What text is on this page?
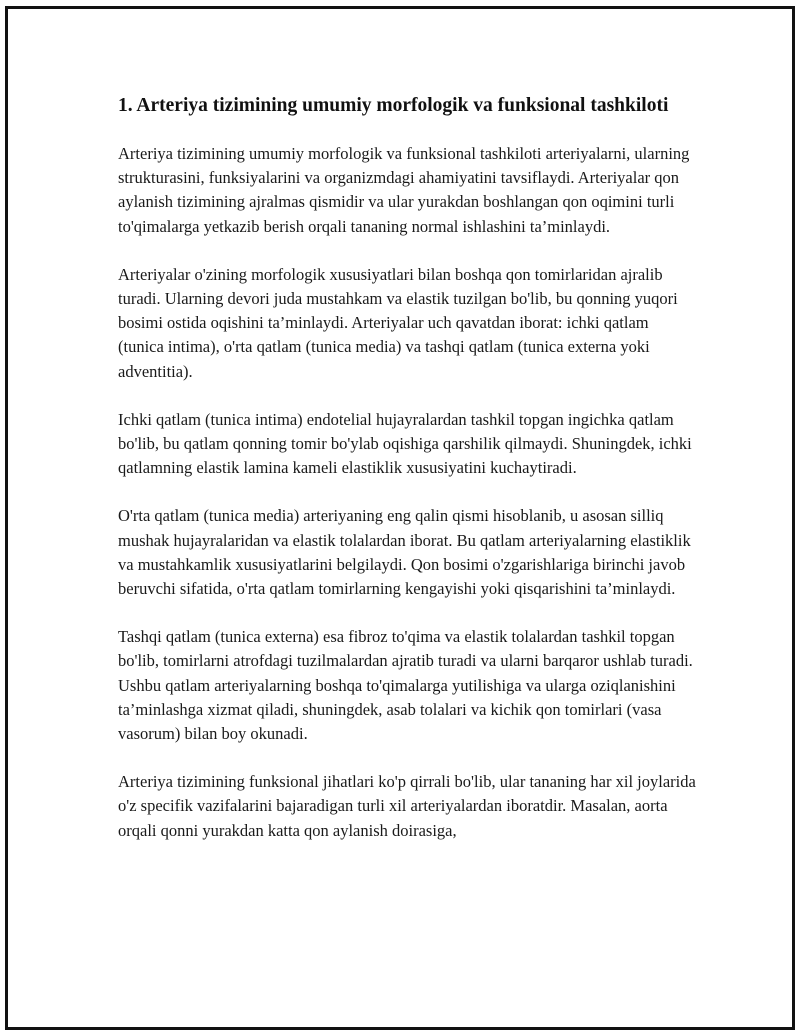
1. Arteriya tizimining umumiy morfologik va funksional tashkiloti

Arteriya tizimining umumiy morfologik va funksional tashkiloti arteriyalarni, ularning strukturasini, funksiyalarini va organizmdagi ahamiyatini tavsiflaydi. Arteriyalar qon aylanish tizimining ajralmas qismidir va ular yurakdan boshlangan qon oqimini turli to'qimalarga yetkazib berish orqali tananing normal ishlashini ta’minlaydi.

Arteriyalar o'zining morfologik xususiyatlari bilan boshqa qon tomirlaridan ajralib turadi. Ularning devori juda mustahkam va elastik tuzilgan bo'lib, bu qonning yuqori bosimi ostida oqishini ta’minlaydi. Arteriyalar uch qavatdan iborat: ichki qatlam (tunica intima), o'rta qatlam (tunica media) va tashqi qatlam (tunica externa yoki adventitia).

Ichki qatlam (tunica intima) endotelial hujayralardan tashkil topgan ingichka qatlam bo'lib, bu qatlam qonning tomir bo'ylab oqishiga qarshilik qilmaydi. Shuningdek, ichki qatlamning elastik lamina kameli elastiklik xususiyatini kuchaytiradi.

O'rta qatlam (tunica media) arteriyaning eng qalin qismi hisoblanib, u asosan silliq mushak hujayralaridan va elastik tolalardan iborat. Bu qatlam arteriyalarning elastiklik va mustahkamlik xususiyatlarini belgilaydi. Qon bosimi o'zgarishlariga birinchi javob beruvchi sifatida, o'rta qatlam tomirlarning kengayishi yoki qisqarishini ta’minlaydi.

Tashqi qatlam (tunica externa) esa fibroz to'qima va elastik tolalardan tashkil topgan bo'lib, tomirlarni atrofdagi tuzilmalardan ajratib turadi va ularni barqaror ushlab turadi. Ushbu qatlam arteriyalarning boshqa to'qimalarga yutilishiga va ularga oziqlanishini ta’minlashga xizmat qiladi, shuningdek, asab tolalari va kichik qon tomirlari (vasa vasorum) bilan boy okunadi.

Arteriya tizimining funksional jihatlari ko'p qirrali bo'lib, ular tananing har xil joylarida o'z specifik vazifalarini bajaradigan turli xil arteriyalardan iboratdir. Masalan, aorta orqali qonni yurakdan katta qon aylanish doirasiga,
